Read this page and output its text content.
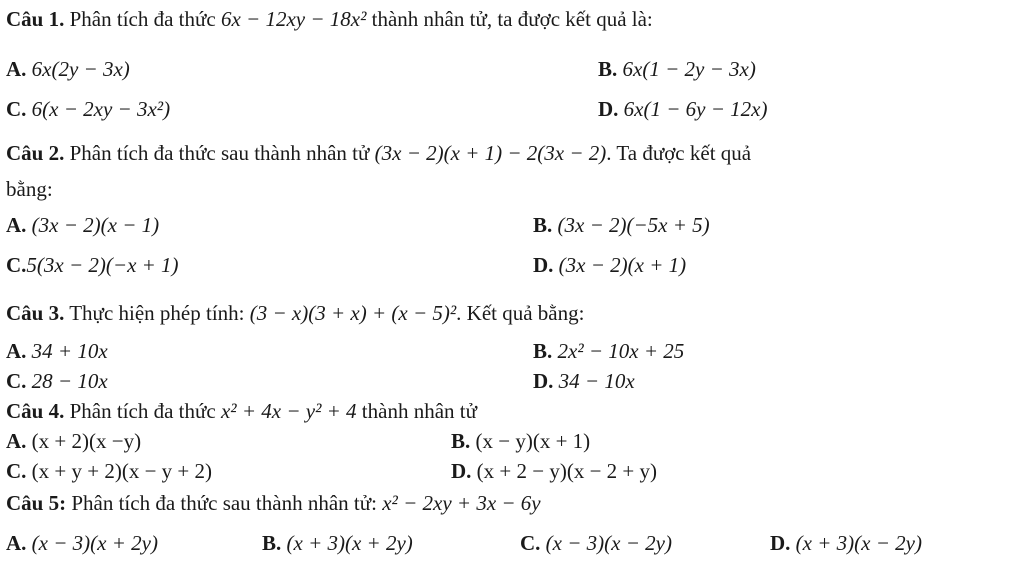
Câu 1. Phân tích đa thức 6x − 12xy − 18x² thành nhân tử, ta được kết quả là:
A. 6x(2y − 3x)	B. 6x(1 − 2y − 3x)
C. 6(x − 2xy − 3x²)	D. 6x(1 − 6y − 12x)
Câu 2. Phân tích đa thức sau thành nhân tử (3x − 2)(x + 1) − 2(3x − 2). Ta được kết quả
bằng:
A. (3x − 2)(x − 1)	B. (3x − 2)(−5x + 5)
C.5(3x − 2)(−x + 1)	D. (3x − 2)(x + 1)
Câu 3. Thực hiện phép tính: (3 − x)(3 + x) + (x − 5)². Kết quả bằng:
A. 34 + 10x	B. 2x² − 10x + 25
C. 28 − 10x	D. 34 − 10x
Câu 4. Phân tích đa thức x² + 4x − y² + 4 thành nhân tử
A. (x + 2)(x −y)	B. (x − y)(x + 1)
C. (x + y + 2)(x − y + 2)	D. (x + 2 − y)(x − 2 + y)
Câu 5: Phân tích đa thức sau thành nhân tử: x² − 2xy + 3x − 6y
A. (x − 3)(x + 2y)	B. (x + 3)(x + 2y)	C. (x − 3)(x − 2y)	D. (x + 3)(x − 2y)
